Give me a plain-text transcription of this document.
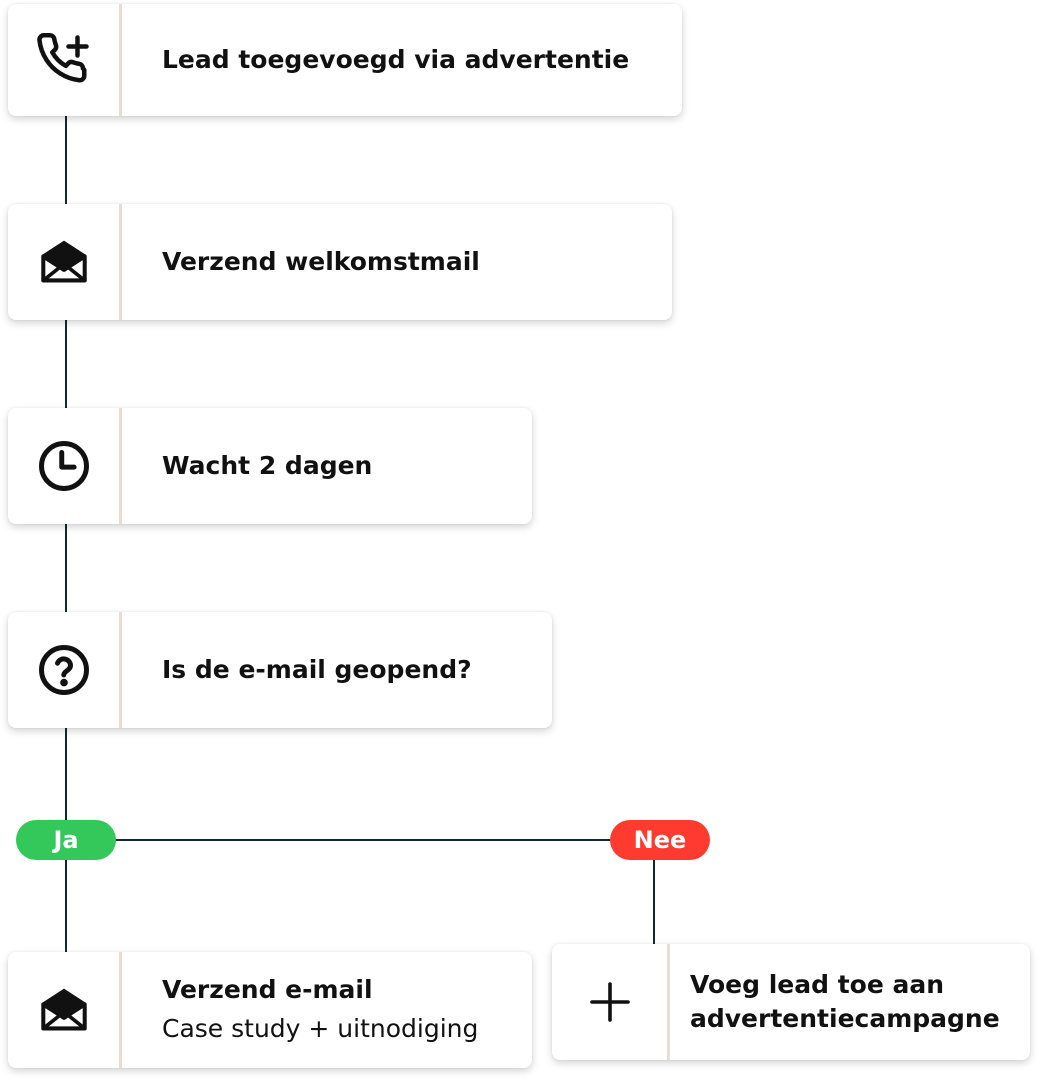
Lead toegevoegd via advertentie
Verzend welkomstmail
Wacht 2 dagen
Is de e-mail geopend?
Ja	Nee
Verzend e-mail
Case study + uitnodiging
Voeg lead toe aan
advertentiecampagne
